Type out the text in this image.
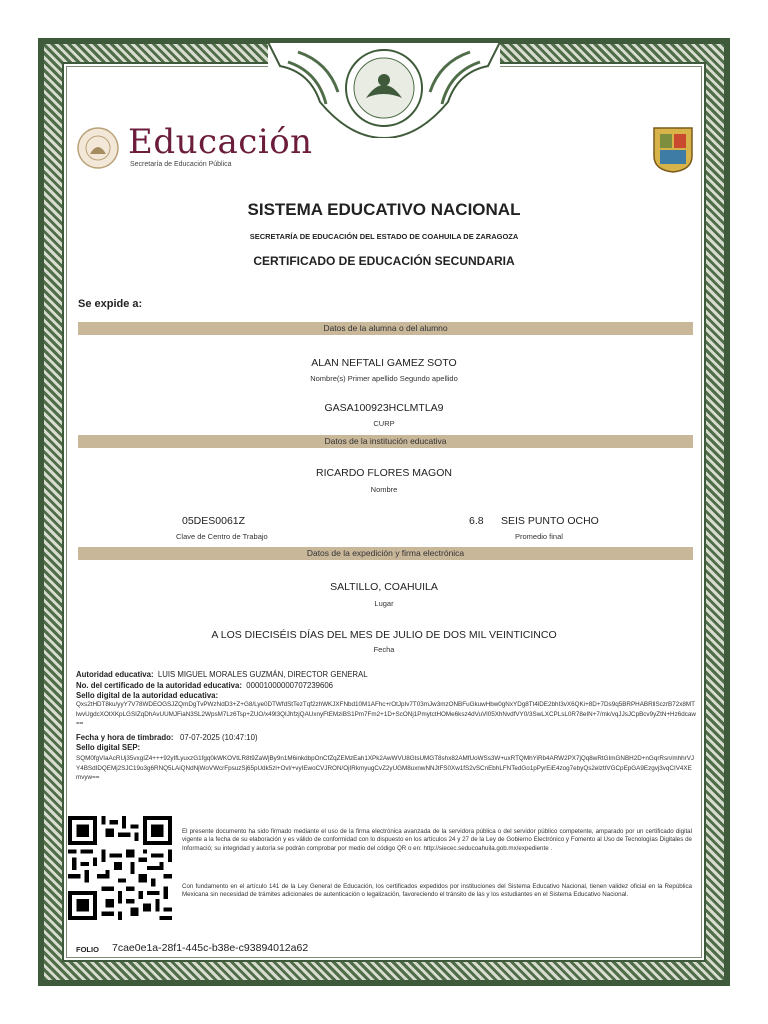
Educación
Secretaría de Educación Pública
SISTEMA EDUCATIVO NACIONAL
SECRETARÍA DE EDUCACIÓN DEL ESTADO DE COAHUILA DE ZARAGOZA
CERTIFICADO DE EDUCACIÓN SECUNDARIA
Se expide a:
Datos de la alumna o del alumno
ALAN NEFTALI GAMEZ SOTO
Nombre(s) Primer apellido Segundo apellido
GASA100923HCLMTLA9
CURP
Datos de la institución educativa
RICARDO FLORES MAGON
Nombre
05DES0061Z
Clave de Centro de Trabajo
6.8 SEIS PUNTO OCHO
Promedio final
Datos de la expedición y firma electrónica
SALTILLO, COAHUILA
Lugar
A LOS DIECISÉIS DÍAS DEL MES DE JULIO DE DOS MIL VEINTICINCO
Fecha
Autoridad educativa: LUIS MIGUEL MORALES GUZMÁN, DIRECTOR GENERAL
No. del certificado de la autoridad educativa: 00001000000707239606
Sello digital de la autoridad educativa:
Qxs2tHDT8ku/yyY7V78WDEOGSJZQmDgTvPWzNdD3+Z+G8/Lye0DTWfdStTezTqf2zhWKJXFNbd10M1AFhc+rOtJpIv7T03mJw3mzONBFuGkuwHbw0gNxYDg8Tt4lDE2bhI3vX6QKi+8D+7Ds9q5BRPHABRllSczrB72x8MTlwvUgdcXOtXKpLGSIZqDhAvUUMJFiaN3SL2WpsM7Lz6Tsp+ZUO/x49l3QIJhfzjQAUxnyFtEMziBS1Pm7Fm2+1D+ScONj1PmytctHOMe6ksz4dVuVl05XhNvdfVY0/3SwLXCPLsL0R78eIN+7/mk/vqJJsJCpBcv9yZtN+Hz6dcaw==
Fecha y hora de timbrado: 07-07-2025 (10:47:10)
Sello digital SEP:
SQM0fgVIaAcRUj35vxgIZ4+++92yIfLyuxzG1fgq0kWKOVtLR8t9ZaWjBy9n1M6inkdbpOnCfZqZEMzEah1XPk2AwWVU8GtsUMGT8shx82AMfUoWSs3W+uxRTQMhYiRb4ARW2PX7jQq8wRtGImGNBH2D+nGqrRsn/mhhrVJY4BSdIDQEMj2SJC19o3g6RNQ5LAiQNdNjWoVWcrFpsuzSj65pUdk5zl+Ovl/+vyIEwoCVJRON/OjIRkmyugCvZ2yUGM8uxnwNNJtFS0Xw1fS2vSCnEbhLFNTedGo1pPyrEiE4zog7ebyQs2elzttVGCpEpGA9Ezgvj3vqCIV4XEmvyw==
El presente documento ha sido firmado mediante el uso de la firma electrónica avanzada de la servidora pública o del servidor público competente, amparado por un certificado digital vigente a la fecha de su elaboración y es válido de conformidad con lo dispuesto en los artículos 24 y 27 de la Ley de Gobierno Electrónico y Fomento al Uso de Tecnologías Digitales de Informació; su integridad y autoría se podrán comprobar por medio del código QR o en: http://siecec.seducoahuila.gob.mx/expediente .
Con fundamento en el artículo 141 de la Ley General de Educación, los certificados expedidos por instituciones del Sistema Educativo Nacional, tienen validez oficial en la República Mexicana sin necesidad de trámites adicionales de autenticación o legalización, favoreciendo el tránsito de las y los estudiantes en el Sistema Educativo Nacional.
FOLIO 7cae0e1a-28f1-445c-b38e-c93894012a62
